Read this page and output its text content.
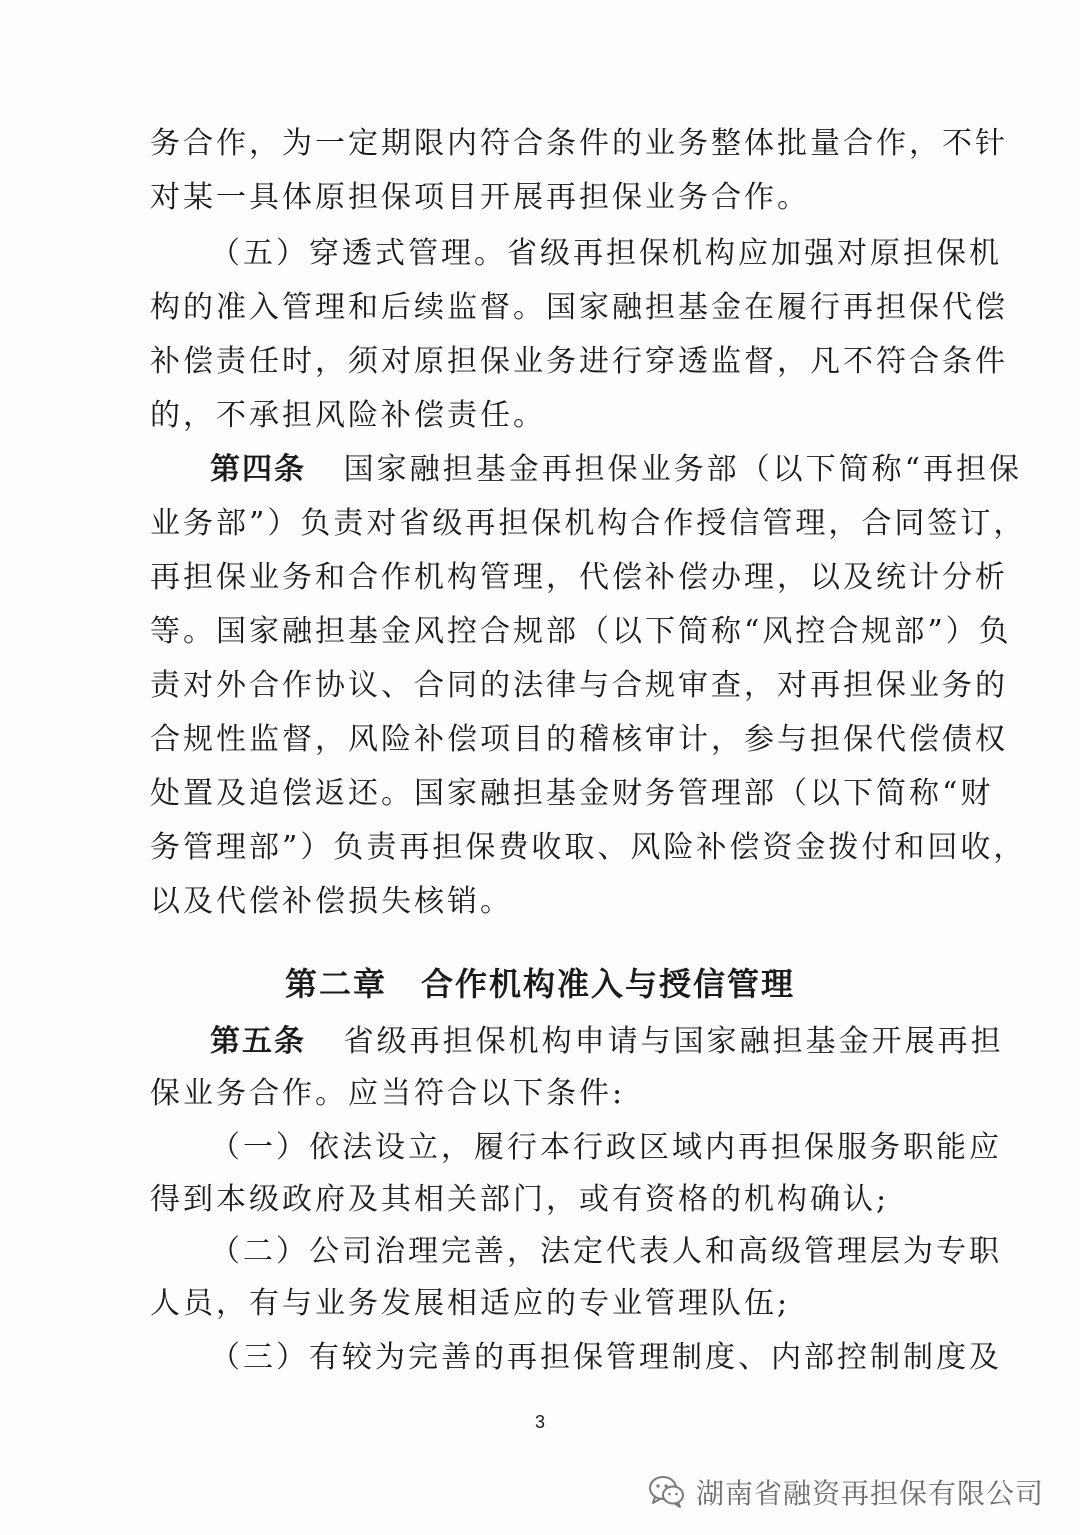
务合作，为一定期限内符合条件的业务整体批量合作，不针
对某一具体原担保项目开展再担保业务合作。
（五）穿透式管理。省级再担保机构应加强对原担保机
构的准入管理和后续监督。国家融担基金在履行再担保代偿
补偿责任时，须对原担保业务进行穿透监督，凡不符合条件
的，不承担风险补偿责任。
第四条 国家融担基金再担保业务部（以下简称“再担保
业务部”）负责对省级再担保机构合作授信管理，合同签订，
再担保业务和合作机构管理，代偿补偿办理，以及统计分析
等。国家融担基金风控合规部（以下简称“风控合规部”）负
责对外合作协议、合同的法律与合规审查，对再担保业务的
合规性监督，风险补偿项目的稽核审计，参与担保代偿债权
处置及追偿返还。国家融担基金财务管理部（以下简称“财
务管理部”）负责再担保费收取、风险补偿资金拨付和回收，
以及代偿补偿损失核销。
第二章　合作机构准入与授信管理
第五条 省级再担保机构申请与国家融担基金开展再担
保业务合作。应当符合以下条件:
（一）依法设立，履行本行政区域内再担保服务职能应
得到本级政府及其相关部门，或有资格的机构确认;
（二）公司治理完善，法定代表人和高级管理层为专职
人员，有与业务发展相适应的专业管理队伍;
（三）有较为完善的再担保管理制度、内部控制制度及
3
湖南省融资再担保有限公司
